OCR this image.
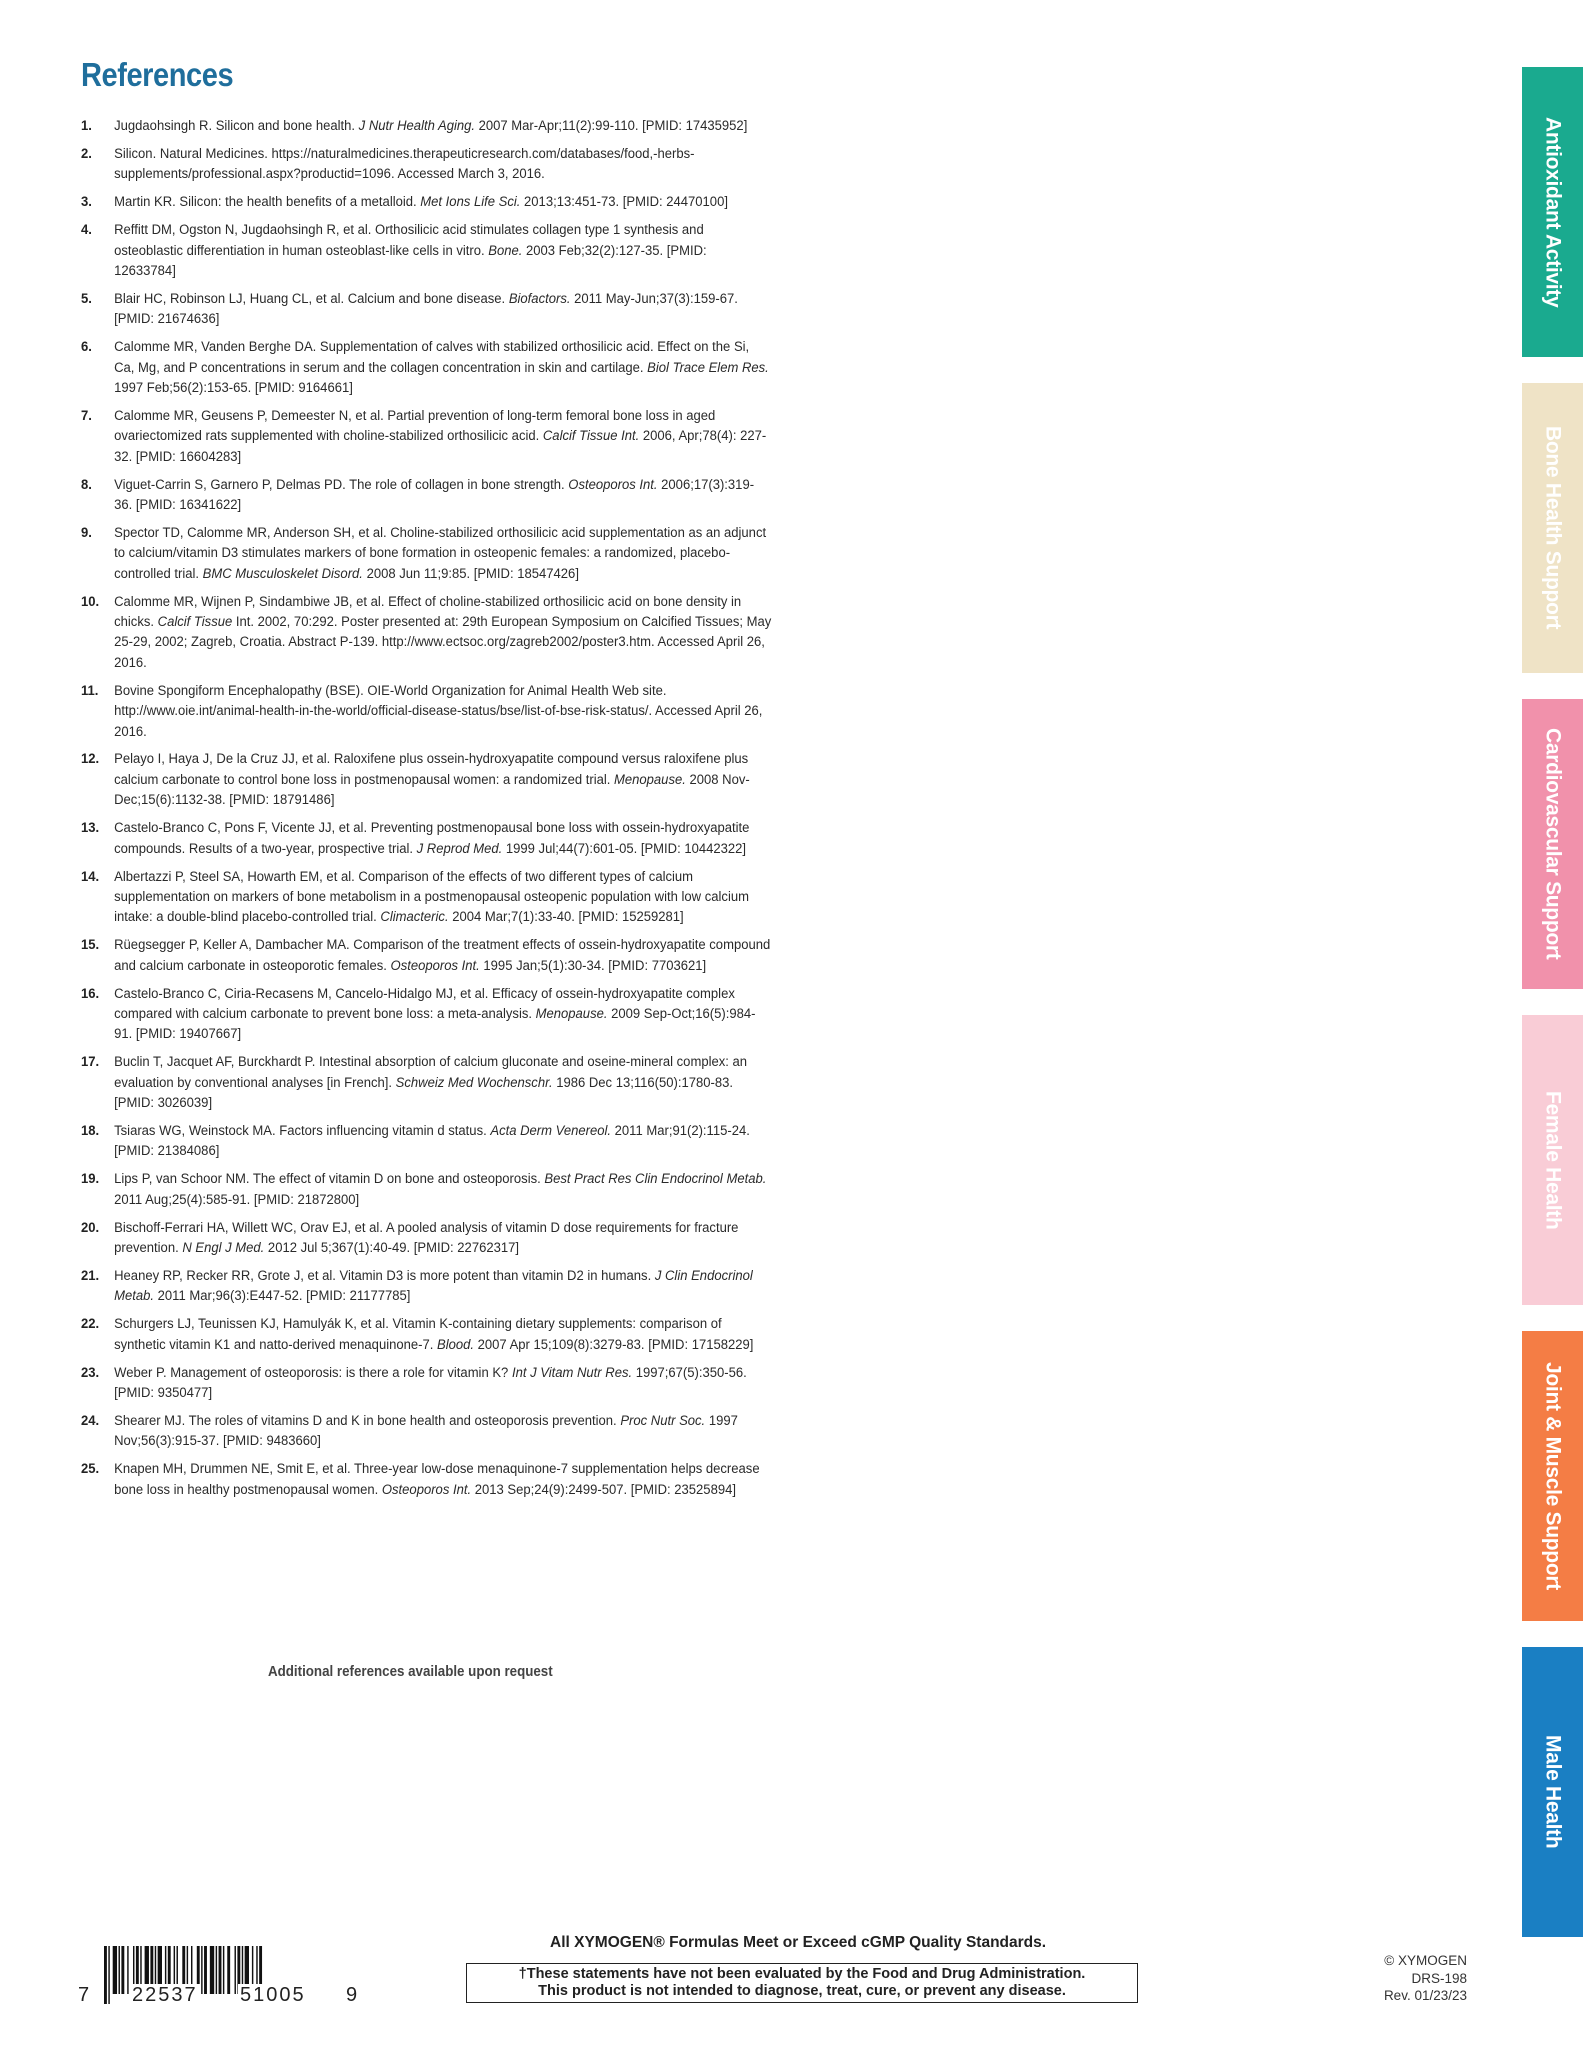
References
1. Jugdaohsingh R. Silicon and bone health. J Nutr Health Aging. 2007 Mar-Apr;11(2):99-110. [PMID: 17435952]
2. Silicon. Natural Medicines. https://naturalmedicines.therapeuticresearch.com/databases/food,-herbs-supplements/professional.aspx?productid=1096. Accessed March 3, 2016.
3. Martin KR. Silicon: the health benefits of a metalloid. Met Ions Life Sci. 2013;13:451-73. [PMID: 24470100]
4. Reffitt DM, Ogston N, Jugdaohsingh R, et al. Orthosilicic acid stimulates collagen type 1 synthesis and osteoblastic differentiation in human osteoblast-like cells in vitro. Bone. 2003 Feb;32(2):127-35. [PMID: 12633784]
5. Blair HC, Robinson LJ, Huang CL, et al. Calcium and bone disease. Biofactors. 2011 May-Jun;37(3):159-67. [PMID: 21674636]
6. Calomme MR, Vanden Berghe DA. Supplementation of calves with stabilized orthosilicic acid. Effect on the Si, Ca, Mg, and P concentrations in serum and the collagen concentration in skin and cartilage. Biol Trace Elem Res. 1997 Feb;56(2):153-65. [PMID: 9164661]
7. Calomme MR, Geusens P, Demeester N, et al. Partial prevention of long-term femoral bone loss in aged ovariectomized rats supplemented with choline-stabilized orthosilicic acid. Calcif Tissue Int. 2006, Apr;78(4): 227-32. [PMID: 16604283]
8. Viguet-Carrin S, Garnero P, Delmas PD. The role of collagen in bone strength. Osteoporos Int. 2006;17(3):319-36. [PMID: 16341622]
9. Spector TD, Calomme MR, Anderson SH, et al. Choline-stabilized orthosilicic acid supplementation as an adjunct to calcium/vitamin D3 stimulates markers of bone formation in osteopenic females: a randomized, placebo-controlled trial. BMC Musculoskelet Disord. 2008 Jun 11;9:85. [PMID: 18547426]
10. Calomme MR, Wijnen P, Sindambiwe JB, et al. Effect of choline-stabilized orthosilicic acid on bone density in chicks. Calcif Tissue Int. 2002, 70:292. Poster presented at: 29th European Symposium on Calcified Tissues; May 25-29, 2002; Zagreb, Croatia. Abstract P-139. http://www.ectsoc.org/zagreb2002/poster3.htm. Accessed April 26, 2016.
11. Bovine Spongiform Encephalopathy (BSE). OIE-World Organization for Animal Health Web site. http://www.oie.int/animal-health-in-the-world/official-disease-status/bse/list-of-bse-risk-status/. Accessed April 26, 2016.
12. Pelayo I, Haya J, De la Cruz JJ, et al. Raloxifene plus ossein-hydroxyapatite compound versus raloxifene plus calcium carbonate to control bone loss in postmenopausal women: a randomized trial. Menopause. 2008 Nov-Dec;15(6):1132-38. [PMID: 18791486]
13. Castelo-Branco C, Pons F, Vicente JJ, et al. Preventing postmenopausal bone loss with ossein-hydroxyapatite compounds. Results of a two-year, prospective trial. J Reprod Med. 1999 Jul;44(7):601-05. [PMID: 10442322]
14. Albertazzi P, Steel SA, Howarth EM, et al. Comparison of the effects of two different types of calcium supplementation on markers of bone metabolism in a postmenopausal osteopenic population with low calcium intake: a double-blind placebo-controlled trial. Climacteric. 2004 Mar;7(1):33-40. [PMID: 15259281]
15. Rüegsegger P, Keller A, Dambacher MA. Comparison of the treatment effects of ossein-hydroxyapatite compound and calcium carbonate in osteoporotic females. Osteoporos Int. 1995 Jan;5(1):30-34. [PMID: 7703621]
16. Castelo-Branco C, Ciria-Recasens M, Cancelo-Hidalgo MJ, et al. Efficacy of ossein-hydroxyapatite complex compared with calcium carbonate to prevent bone loss: a meta-analysis. Menopause. 2009 Sep-Oct;16(5):984-91. [PMID: 19407667]
17. Buclin T, Jacquet AF, Burckhardt P. Intestinal absorption of calcium gluconate and oseine-mineral complex: an evaluation by conventional analyses [in French]. Schweiz Med Wochenschr. 1986 Dec 13;116(50):1780-83. [PMID: 3026039]
18. Tsiaras WG, Weinstock MA. Factors influencing vitamin d status. Acta Derm Venereol. 2011 Mar;91(2):115-24. [PMID: 21384086]
19. Lips P, van Schoor NM. The effect of vitamin D on bone and osteoporosis. Best Pract Res Clin Endocrinol Metab. 2011 Aug;25(4):585-91. [PMID: 21872800]
20. Bischoff-Ferrari HA, Willett WC, Orav EJ, et al. A pooled analysis of vitamin D dose requirements for fracture prevention. N Engl J Med. 2012 Jul 5;367(1):40-49. [PMID: 22762317]
21. Heaney RP, Recker RR, Grote J, et al. Vitamin D3 is more potent than vitamin D2 in humans. J Clin Endocrinol Metab. 2011 Mar;96(3):E447-52. [PMID: 21177785]
22. Schurgers LJ, Teunissen KJ, Hamulyák K, et al. Vitamin K-containing dietary supplements: comparison of synthetic vitamin K1 and natto-derived menaquinone-7. Blood. 2007 Apr 15;109(8):3279-83. [PMID: 17158229]
23. Weber P. Management of osteoporosis: is there a role for vitamin K? Int J Vitam Nutr Res. 1997;67(5):350-56. [PMID: 9350477]
24. Shearer MJ. The roles of vitamins D and K in bone health and osteoporosis prevention. Proc Nutr Soc. 1997 Nov;56(3):915-37. [PMID: 9483660]
25. Knapen MH, Drummen NE, Smit E, et al. Three-year low-dose menaquinone-7 supplementation helps decrease bone loss in healthy postmenopausal women. Osteoporos Int. 2013 Sep;24(9):2499-507. [PMID: 23525894]
Additional references available upon request
Antioxidant Activity
Bone Health Support
Cardiovascular Support
Female Health
Joint & Muscle Support
Male Health
7 22537 51005 9
All XYMOGEN® Formulas Meet or Exceed cGMP Quality Standards.
†These statements have not been evaluated by the Food and Drug Administration.
This product is not intended to diagnose, treat, cure, or prevent any disease.
© XYMOGEN
DRS-198
Rev. 01/23/23
